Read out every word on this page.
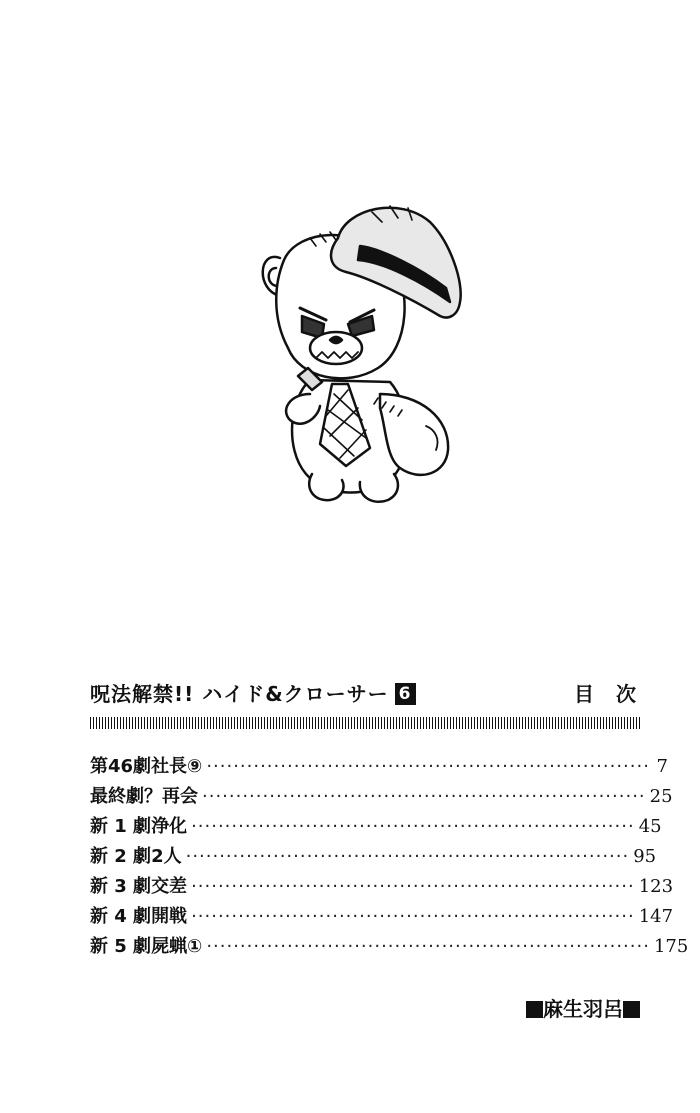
呪法解禁!! ハイド&クローサー 6	目次
第46劇 社長⑨ ·································································· 7
最終劇？ 再会 ·································································· 25
新 1 劇 浄化 ·································································· 45
新 2 劇 2人 ·································································· 95
新 3 劇 交差 ·································································· 123
新 4 劇 開戦 ·································································· 147
新 5 劇 屍蝋① ·································································· 175
麻生羽呂
